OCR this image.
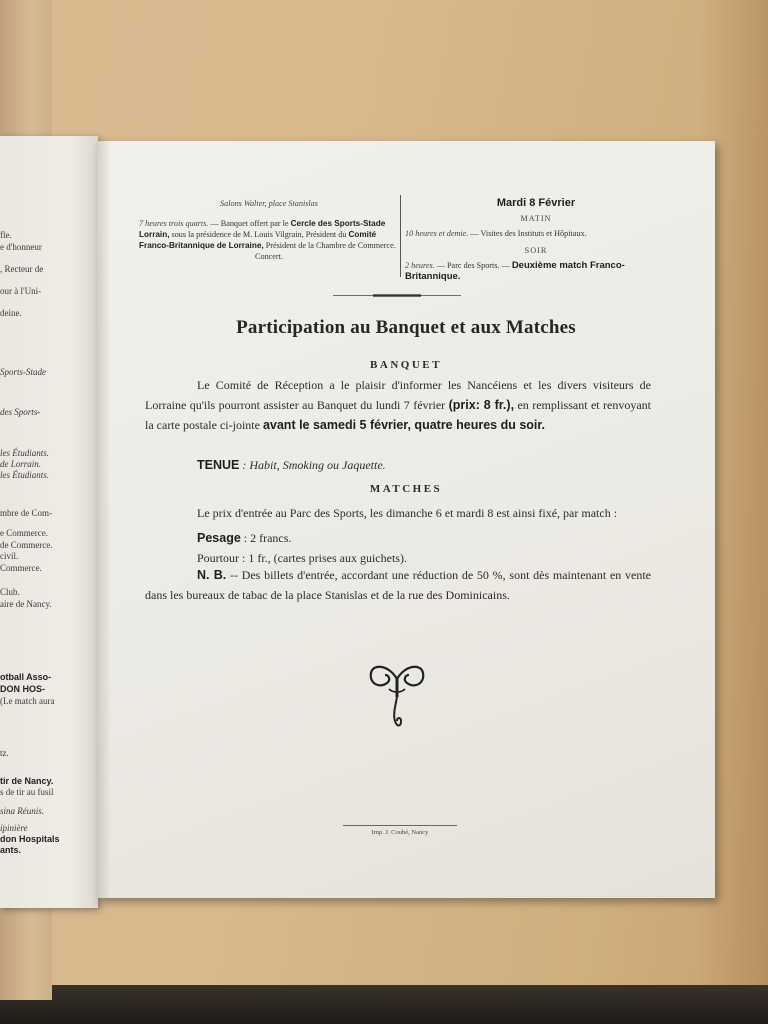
fle.
e d'honneur
, Recteur de
our à l'Uni-
deine.
Sports-Stade
des Sports-
les Étudiants.
de Lorrain.
les Étudiants.
mbre de Com-
e Commerce.
de Commerce.
civil.
Commerce.
Club.
aire de Nancy.
otball Asso-
DON HOS-
(Le match aura
tz.
tir de Nancy.
s de tir au fusil
sina Réunis.
ipinière
don Hospitals
ants.
Salons Walter, place Stanislas
7 heures trois quarts. — Banquet offert par le Cercle des Sports-Stade Lorrain, sous la présidence de M. Louis Vilgrain, Président du Comité Franco-Britannique de Lorraine, Président de la Chambre de Commerce.
Concert.
Mardi 8 Février
MATIN
10 heures et demie. — Visites des Instituts et Hôpitaux.
SOIR
2 heures. — Parc des Sports. — Deuxième match Franco-Britannique.
Participation au Banquet et aux Matches
BANQUET
Le Comité de Réception a le plaisir d'informer les Nancéiens et les divers visiteurs de Lorraine qu'ils pourront assister au Banquet du lundi 7 février (prix: 8 fr.), en remplissant et renvoyant la carte postale ci-jointe avant le samedi 5 février, quatre heures du soir.
TENUE : Habit, Smoking ou Jaquette.
MATCHES
Le prix d'entrée au Parc des Sports, les dimanche 6 et mardi 8 est ainsi fixé, par match :
Pesage : 2 francs.
Pourtour : 1 fr., (cartes prises aux guichets).
N. B. -- Des billets d'entrée, accordant une réduction de 50 %, sont dès maintenant en vente dans les bureaux de tabac de la place Stanislas et de la rue des Dominicains.
Imp. J. Coubé, Nancy
